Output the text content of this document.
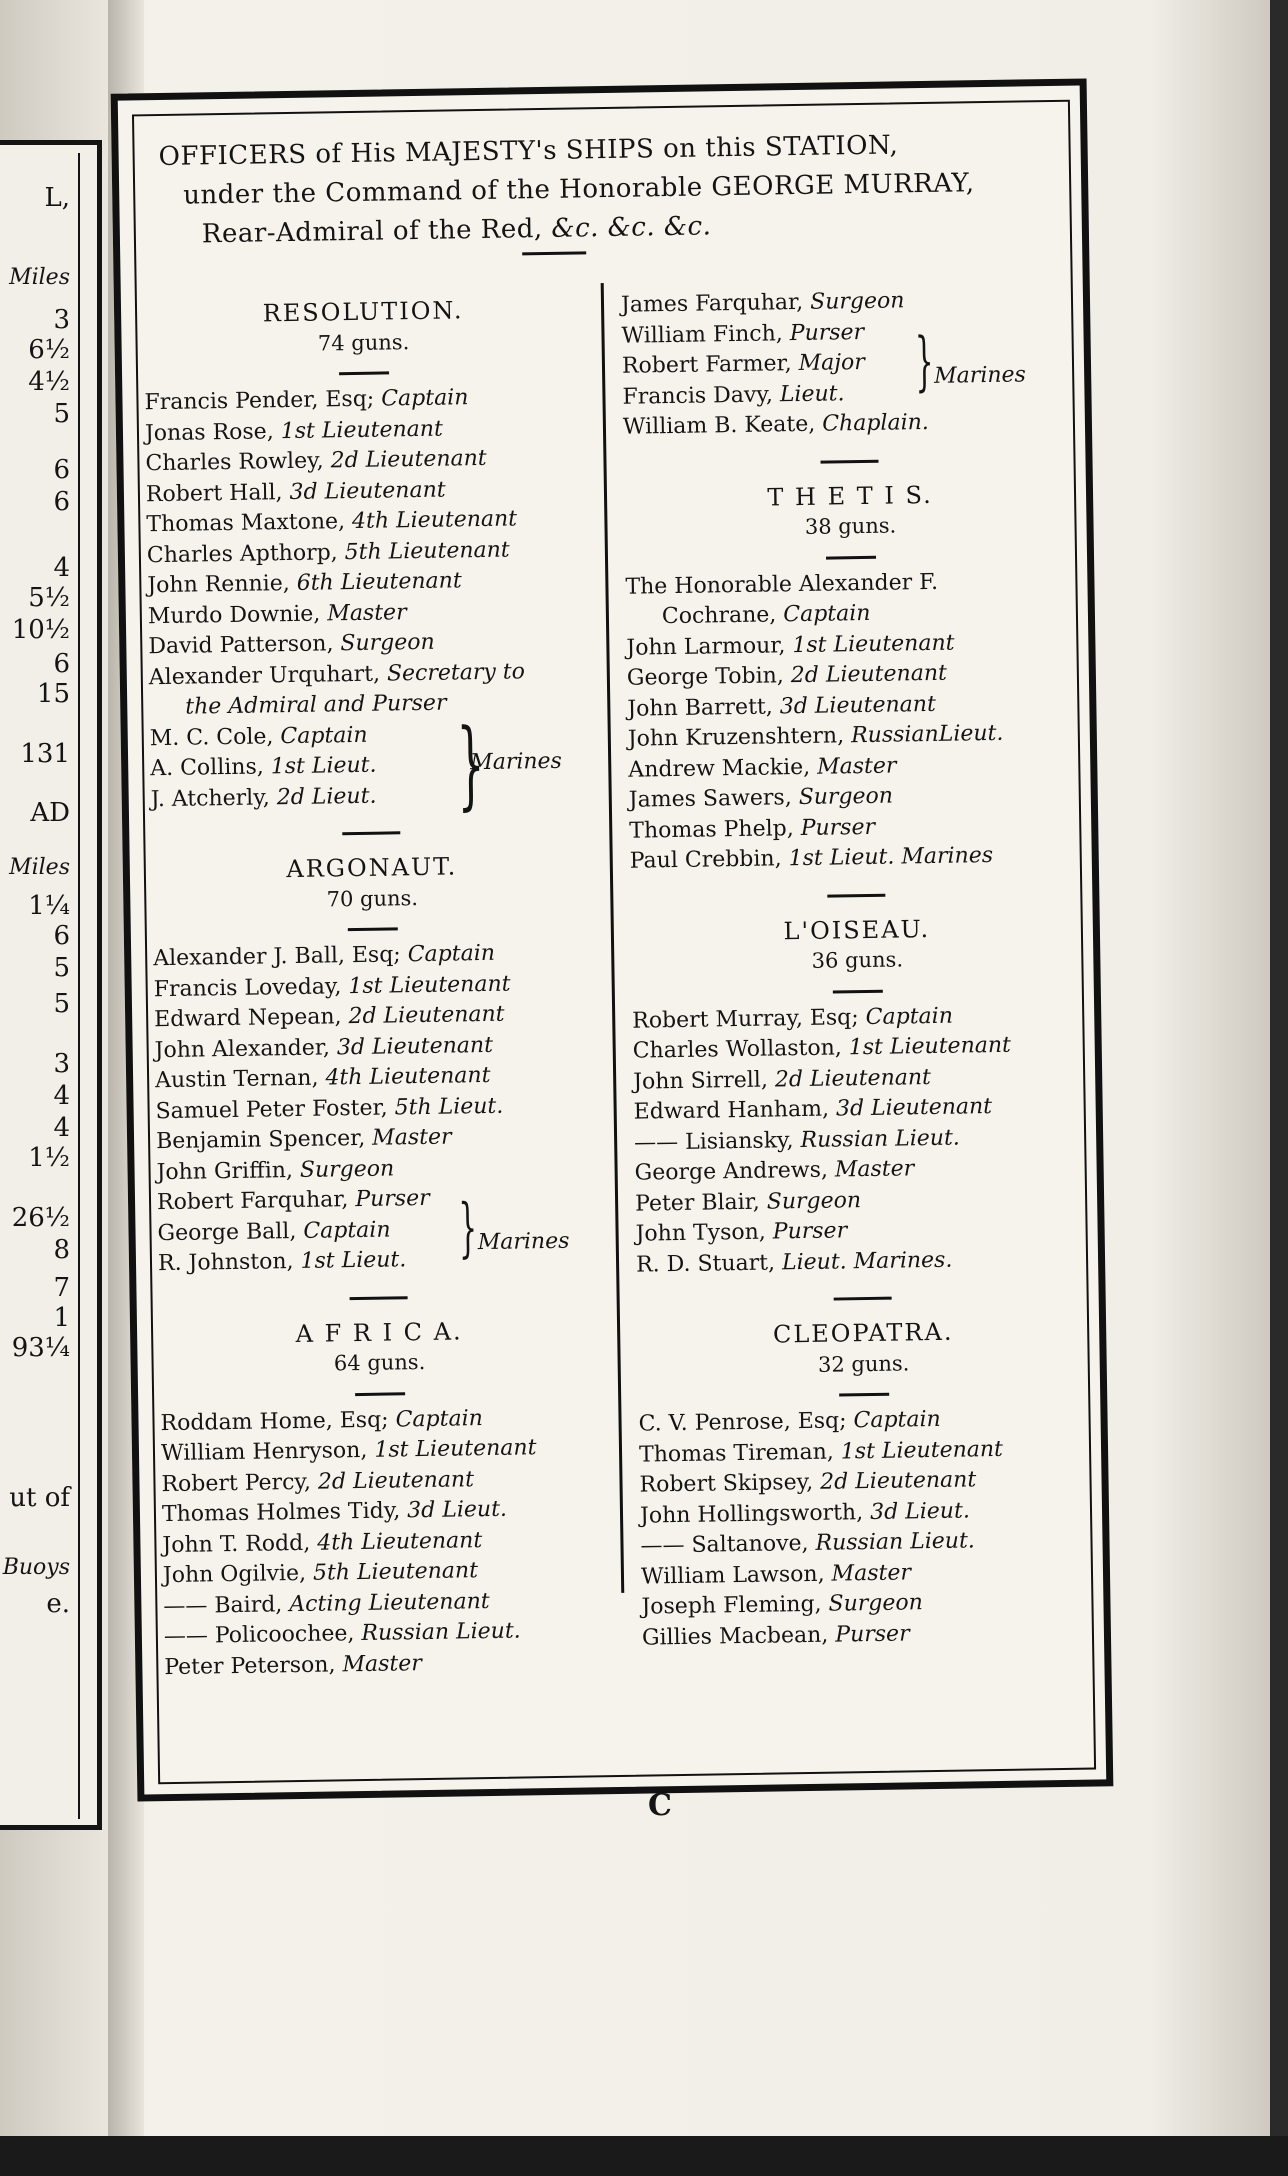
L,
Miles
3
6½
4½
5
6
6
4
5½
10½
6
15
131
AD
Miles
1¼
6
5
5
3
4
4
1½
26½
8
7
1
93¼
ut of
Buoys
e.
OFFICERS of His MAJESTY's SHIPS on this STATION,
under the Command of the Honorable GEORGE MURRAY,
Rear-Admiral of the Red, &c. &c. &c.
RESOLUTION.
74 guns.
Francis Pender, Esq; Captain
Jonas Rose, 1st Lieutenant
Charles Rowley, 2d Lieutenant
Robert Hall, 3d Lieutenant
Thomas Maxtone, 4th Lieutenant
Charles Apthorp, 5th Lieutenant
John Rennie, 6th Lieutenant
Murdo Downie, Master
David Patterson, Surgeon
Alexander Urquhart, Secretary to
the Admiral and Purser
M. C. Cole, Captain
A. Collins, 1st Lieut.
J. Atcherly, 2d Lieut. }
Marines
ARGONAUT.
70 guns.
Alexander J. Ball, Esq; Captain
Francis Loveday, 1st Lieutenant
Edward Nepean, 2d Lieutenant
John Alexander, 3d Lieutenant
Austin Ternan, 4th Lieutenant
Samuel Peter Foster, 5th Lieut.
Benjamin Spencer, Master
John Griffin, Surgeon
Robert Farquhar, Purser
George Ball, Captain
R. Johnston, 1st Lieut. } Marines
A F R I C A.
64 guns.
Roddam Home, Esq; Captain
William Henryson, 1st Lieutenant
Robert Percy, 2d Lieutenant
Thomas Holmes Tidy, 3d Lieut.
John T. Rodd, 4th Lieutenant
John Ogilvie, 5th Lieutenant
—— Baird, Acting Lieutenant
—— Policoochee, Russian Lieut.
Peter Peterson, Master
James Farquhar, Surgeon
William Finch, Purser
Robert Farmer, Major
Francis Davy, Lieut.	} Marines
William B. Keate, Chaplain.
T H E T I S.
38 guns.
The Honorable Alexander F.
Cochrane, Captain
John Larmour, 1st Lieutenant
George Tobin, 2d Lieutenant
John Barrett, 3d Lieutenant
John Kruzenshtern, RussianLieut.
Andrew Mackie, Master
James Sawers, Surgeon
Thomas Phelp, Purser
Paul Crebbin, 1st Lieut. Marines
L'OISEAU.
36 guns.
Robert Murray, Esq; Captain
Charles Wollaston, 1st Lieutenant
John Sirrell, 2d Lieutenant
Edward Hanham, 3d Lieutenant
—— Lisiansky, Russian Lieut.
George Andrews, Master
Peter Blair, Surgeon
John Tyson, Purser
R. D. Stuart, Lieut. Marines.
CLEOPATRA.
32 guns.
C. V. Penrose, Esq; Captain
Thomas Tireman, 1st Lieutenant
Robert Skipsey, 2d Lieutenant
John Hollingsworth, 3d Lieut.
—— Saltanove, Russian Lieut.
William Lawson, Master
Joseph Fleming, Surgeon
Gillies Macbean, Purser
C
